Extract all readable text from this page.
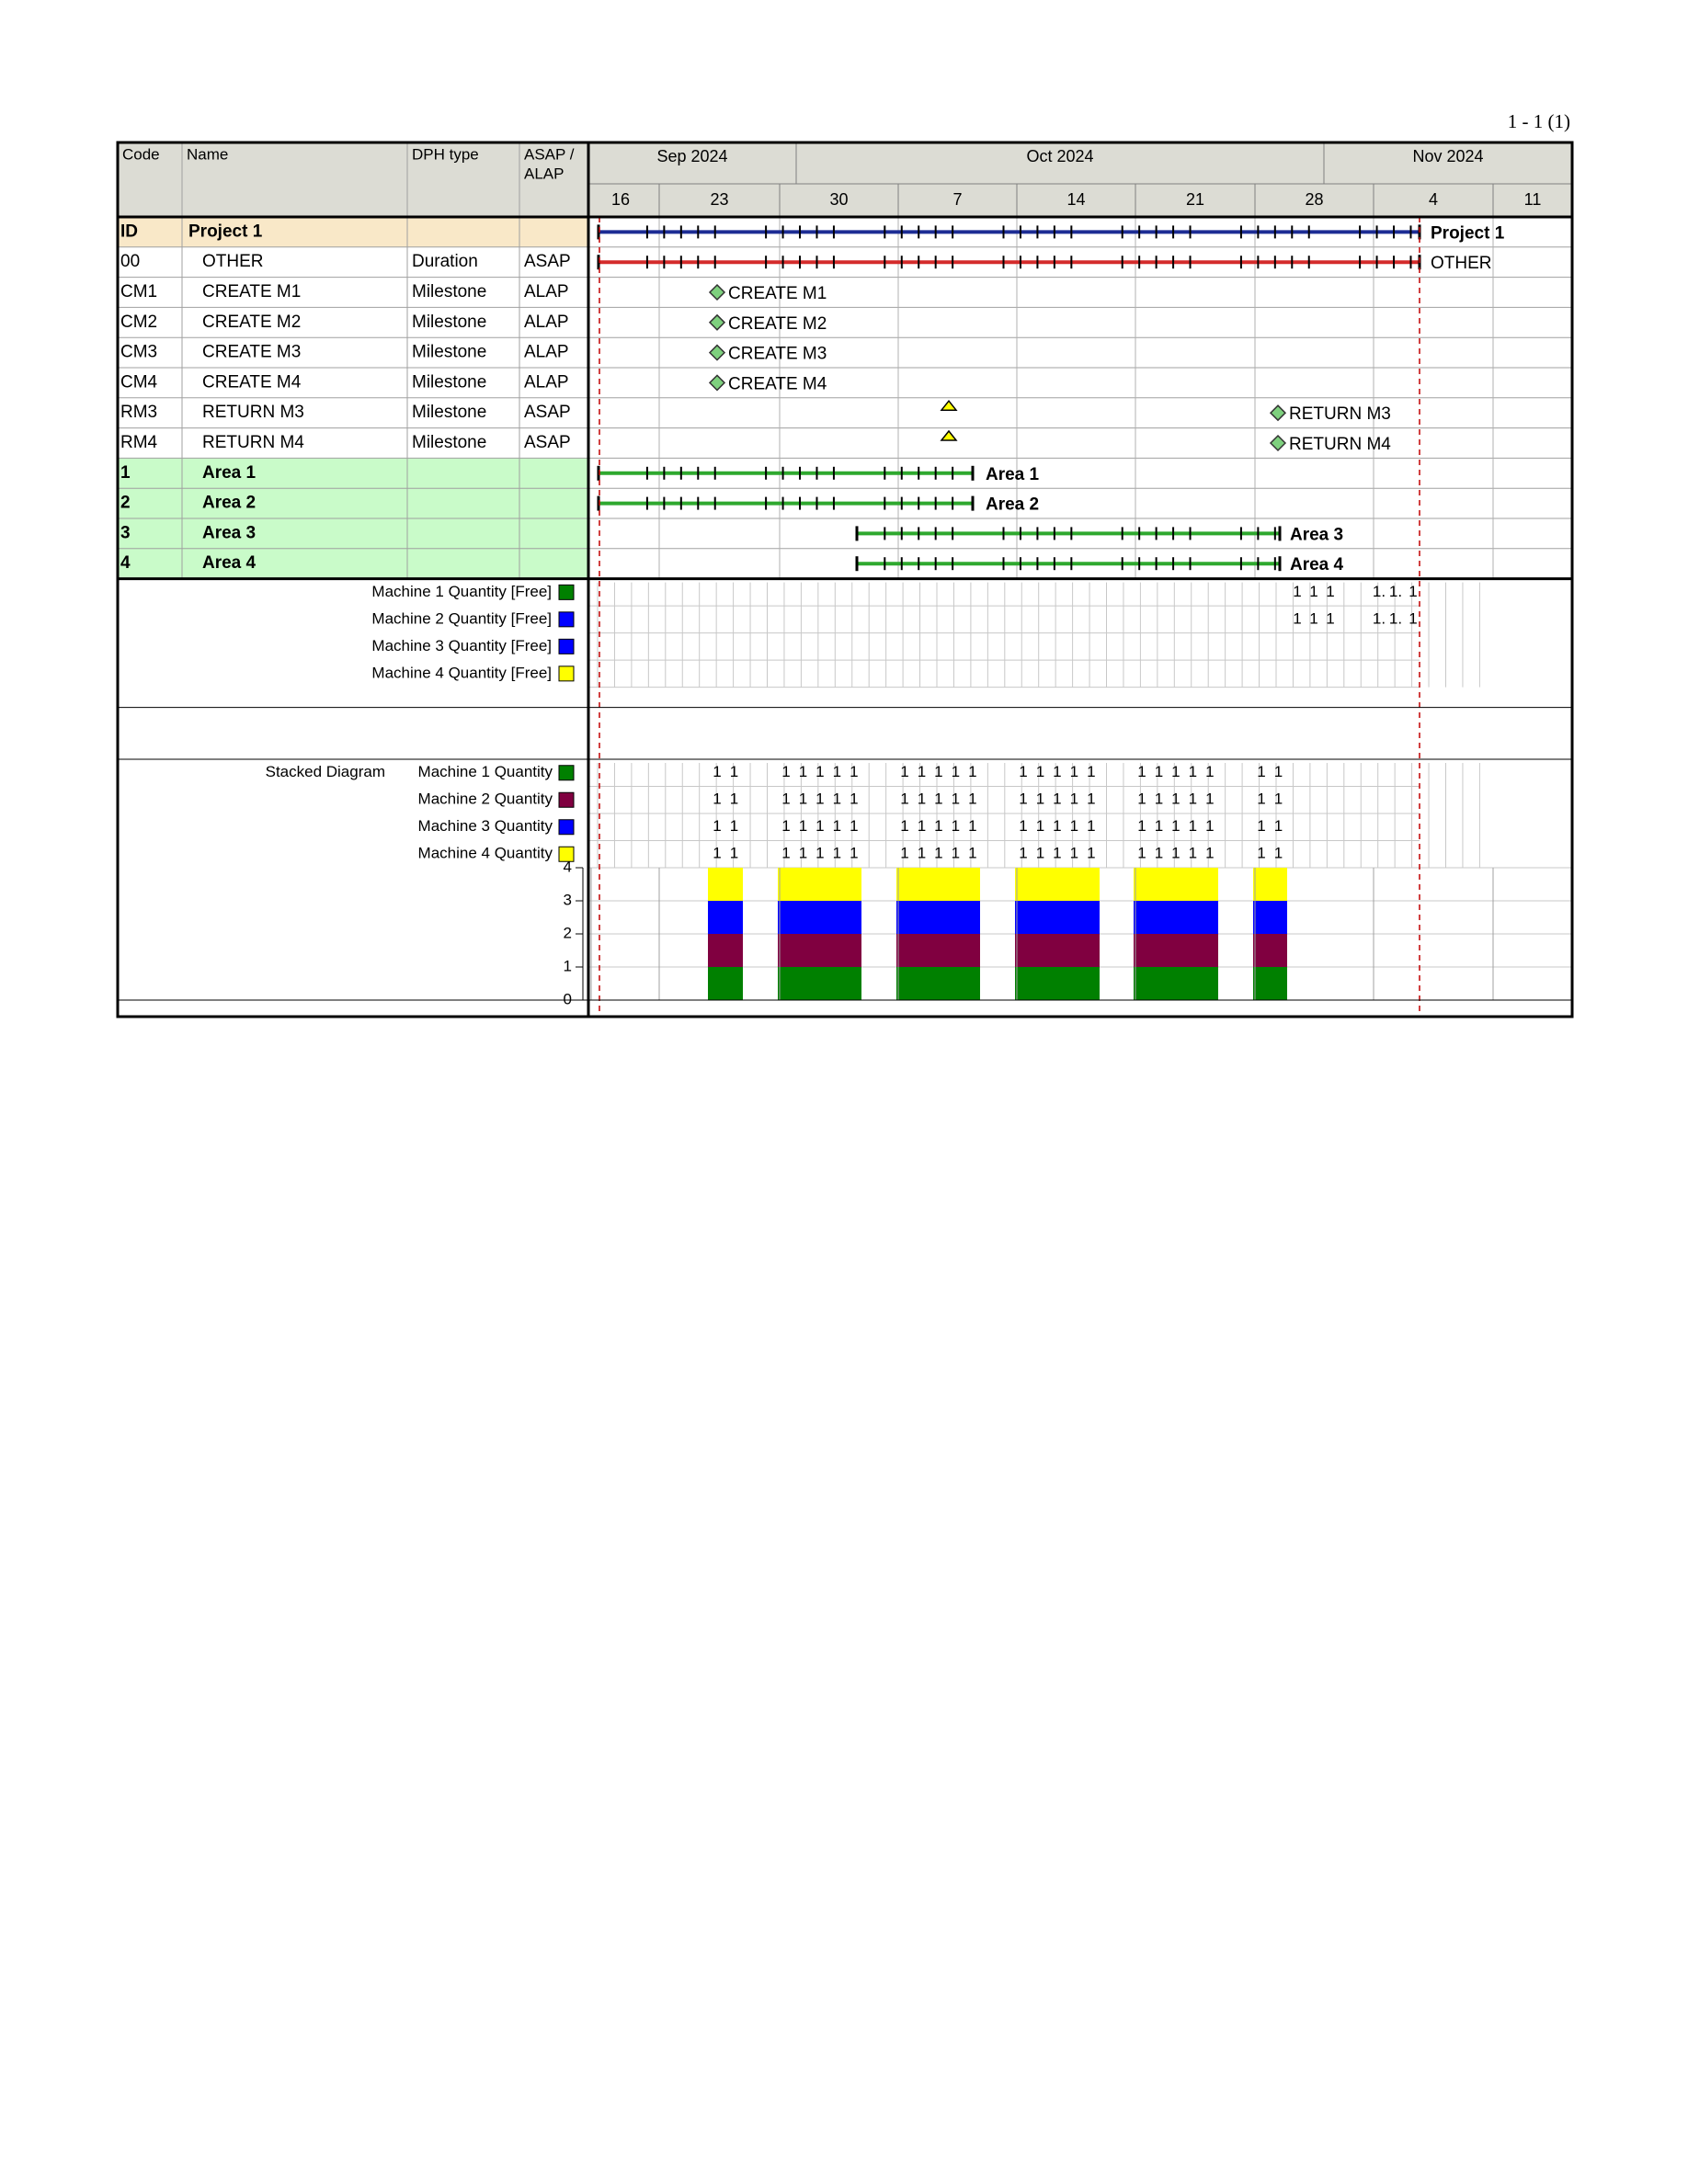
1 - 1 (1)
Code Name	DPH type	ASAP /
ALAP
Sep 2024	Oct 2024	Nov 2024
16	23	30	7	14	21	28	4	11
ID	Project 1
00	OTHER	Duration	ASAP
CM1	CREATE M1	Milestone ALAP
CM2	CREATE M2	Milestone ALAP
CM3	CREATE M3	Milestone ALAP
CM4	CREATE M4	Milestone ALAP
RM3	RETURN M3	Milestone ASAP
RM4	RETURN M4	Milestone ASAP
1	Area 1
2	Area 2
3	Area 3
4	Area 4
Project 1
OTHER
Area 1
Area 2
Area 3
Area 4
CREATE M1
CREATE M2
CREATE M3
CREATE M4
RETURN M3
RETURN M4
Machine 1 Quantity [Free]
Machine 2 Quantity [Free]
Machine 3 Quantity [Free]
Machine 4 Quantity [Free]
1 1 1 1. 1. 1
1 1 1 1. 1. 1
Stacked Diagram Machine 1 Quantity
Machine 2 Quantity
Machine 3 Quantity
Machine 4 Quantity
1 1	1 1 1 1 1	1 1 1 1 1	1 1 1 1 1	1 1 1 1 1	1 1
1 1	1 1 1 1 1	1 1 1 1 1	1 1 1 1 1	1 1 1 1 1	1 1
1 1	1 1 1 1 1	1 1 1 1 1	1 1 1 1 1	1 1 1 1 1	1 1
1 1	1 1 1 1 1	1 1 1 1 1	1 1 1 1 1	1 1 1 1 1	1 1
0
1
2
3
4
